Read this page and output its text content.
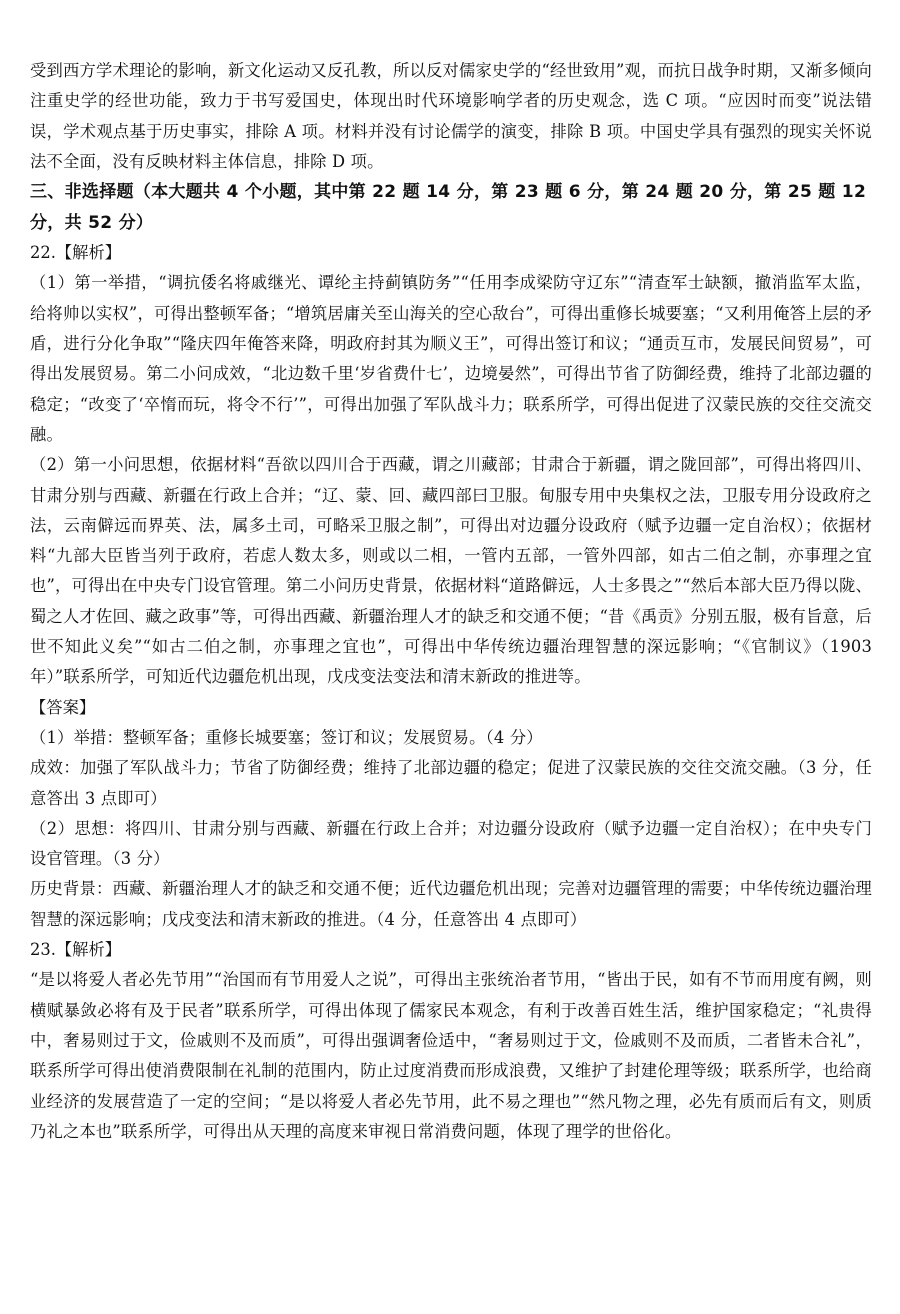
受到西方学术理论的影响，新文化运动又反孔教，所以反对儒家史学的“经世致用”观，而抗日战争时期，又渐多倾向注重史学的经世功能，致力于书写爱国史，体现出时代环境影响学者的历史观念，选 C 项。“应因时而变”说法错误，学术观点基于历史事实，排除 A 项。材料并没有讨论儒学的演变，排除 B 项。中国史学具有强烈的现实关怀说法不全面，没有反映材料主体信息，排除 D 项。

三、非选择题（本大题共 4 个小题，其中第 22 题 14 分，第 23 题 6 分，第 24 题 20 分，第 25 题 12 分，共 52 分）

22.【解析】

（1）第一举措，“调抗倭名将戚继光、谭纶主持蓟镇防务”“任用李成梁防守辽东”“清查军士缺额，撤消监军太监，给将帅以实权”，可得出整顿军备；“增筑居庸关至山海关的空心敌台”，可得出重修长城要塞；“又利用俺答上层的矛盾，进行分化争取”“隆庆四年俺答来降，明政府封其为顺义王”，可得出签订和议；“通贡互市，发展民间贸易”，可得出发展贸易。第二小问成效，“北边数千里‘岁省费什七’，边境晏然”，可得出节省了防御经费，维持了北部边疆的稳定；“改变了‘卒惰而玩，将令不行’”，可得出加强了军队战斗力；联系所学，可得出促进了汉蒙民族的交往交流交融。

（2）第一小问思想，依据材料“吾欲以四川合于西藏，谓之川藏部；甘肃合于新疆，谓之陇回部”，可得出将四川、甘肃分别与西藏、新疆在行政上合并；“辽、蒙、回、藏四部曰卫服。甸服专用中央集权之法，卫服专用分设政府之法，云南僻远而界英、法，属多土司，可略采卫服之制”，可得出对边疆分设政府（赋予边疆一定自治权）；依据材料“九部大臣皆当列于政府，若虑人数太多，则或以二相，一管内五部，一管外四部，如古二伯之制，亦事理之宜也”，可得出在中央专门设官管理。第二小问历史背景，依据材料“道路僻远，人士多畏之”“然后本部大臣乃得以陇、蜀之人才佐回、藏之政事”等，可得出西藏、新疆治理人才的缺乏和交通不便；“昔《禹贡》分别五服，极有旨意，后世不知此义矣”“如古二伯之制，亦事理之宜也”，可得出中华传统边疆治理智慧的深远影响；“《官制议》（1903 年）”联系所学，可知近代边疆危机出现，戊戌变法变法和清末新政的推进等。

【答案】

（1）举措：整顿军备；重修长城要塞；签订和议；发展贸易。（4 分）

成效：加强了军队战斗力；节省了防御经费；维持了北部边疆的稳定；促进了汉蒙民族的交往交流交融。（3 分，任意答出 3 点即可）

（2）思想：将四川、甘肃分别与西藏、新疆在行政上合并；对边疆分设政府（赋予边疆一定自治权）；在中央专门设官管理。（3 分）

历史背景：西藏、新疆治理人才的缺乏和交通不便；近代边疆危机出现；完善对边疆管理的需要；中华传统边疆治理智慧的深远影响；戊戌变法和清末新政的推进。（4 分，任意答出 4 点即可）

23.【解析】

“是以将爱人者必先节用”“治国而有节用爱人之说”，可得出主张统治者节用，“皆出于民，如有不节而用度有阙，则横赋暴敛必将有及于民者”联系所学，可得出体现了儒家民本观念，有利于改善百姓生活，维护国家稳定；“礼贵得中，奢易则过于文，俭戚则不及而质”，可得出强调奢俭适中，“奢易则过于文，俭戚则不及而质，二者皆未合礼”，联系所学可得出使消费限制在礼制的范围内，防止过度消费而形成浪费，又维护了封建伦理等级；联系所学，也给商业经济的发展营造了一定的空间；“是以将爱人者必先节用，此不易之理也”“然凡物之理，必先有质而后有文，则质乃礼之本也”联系所学，可得出从天理的高度来审视日常消费问题，体现了理学的世俗化。
